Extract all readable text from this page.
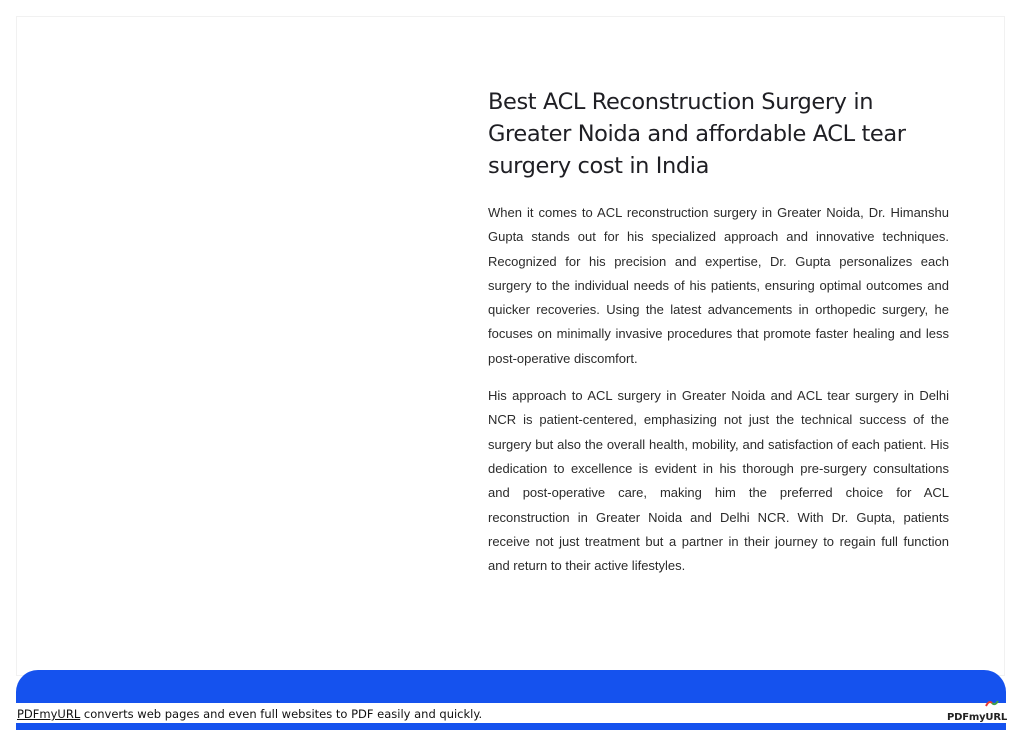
Best ACL Reconstruction Surgery in Greater Noida and affordable ACL tear surgery cost in India

When it comes to ACL reconstruction surgery in Greater Noida, Dr. Himanshu Gupta stands out for his specialized approach and innovative techniques. Recognized for his precision and expertise, Dr. Gupta personalizes each surgery to the individual needs of his patients, ensuring optimal outcomes and quicker recoveries. Using the latest advancements in orthopedic surgery, he focuses on minimally invasive procedures that promote faster healing and less post-operative discomfort.

His approach to ACL surgery in Greater Noida and ACL tear surgery in Delhi NCR is patient-centered, emphasizing not just the technical success of the surgery but also the overall health, mobility, and satisfaction of each patient. His dedication to excellence is evident in his thorough pre-surgery consultations and post-operative care, making him the preferred choice for ACL reconstruction in Greater Noida and Delhi NCR. With Dr. Gupta, patients receive not just treatment but a partner in their journey to regain full function and return to their active lifestyles.

PDFmyURL converts web pages and even full websites to PDF easily and quickly.	PDFmyURL
